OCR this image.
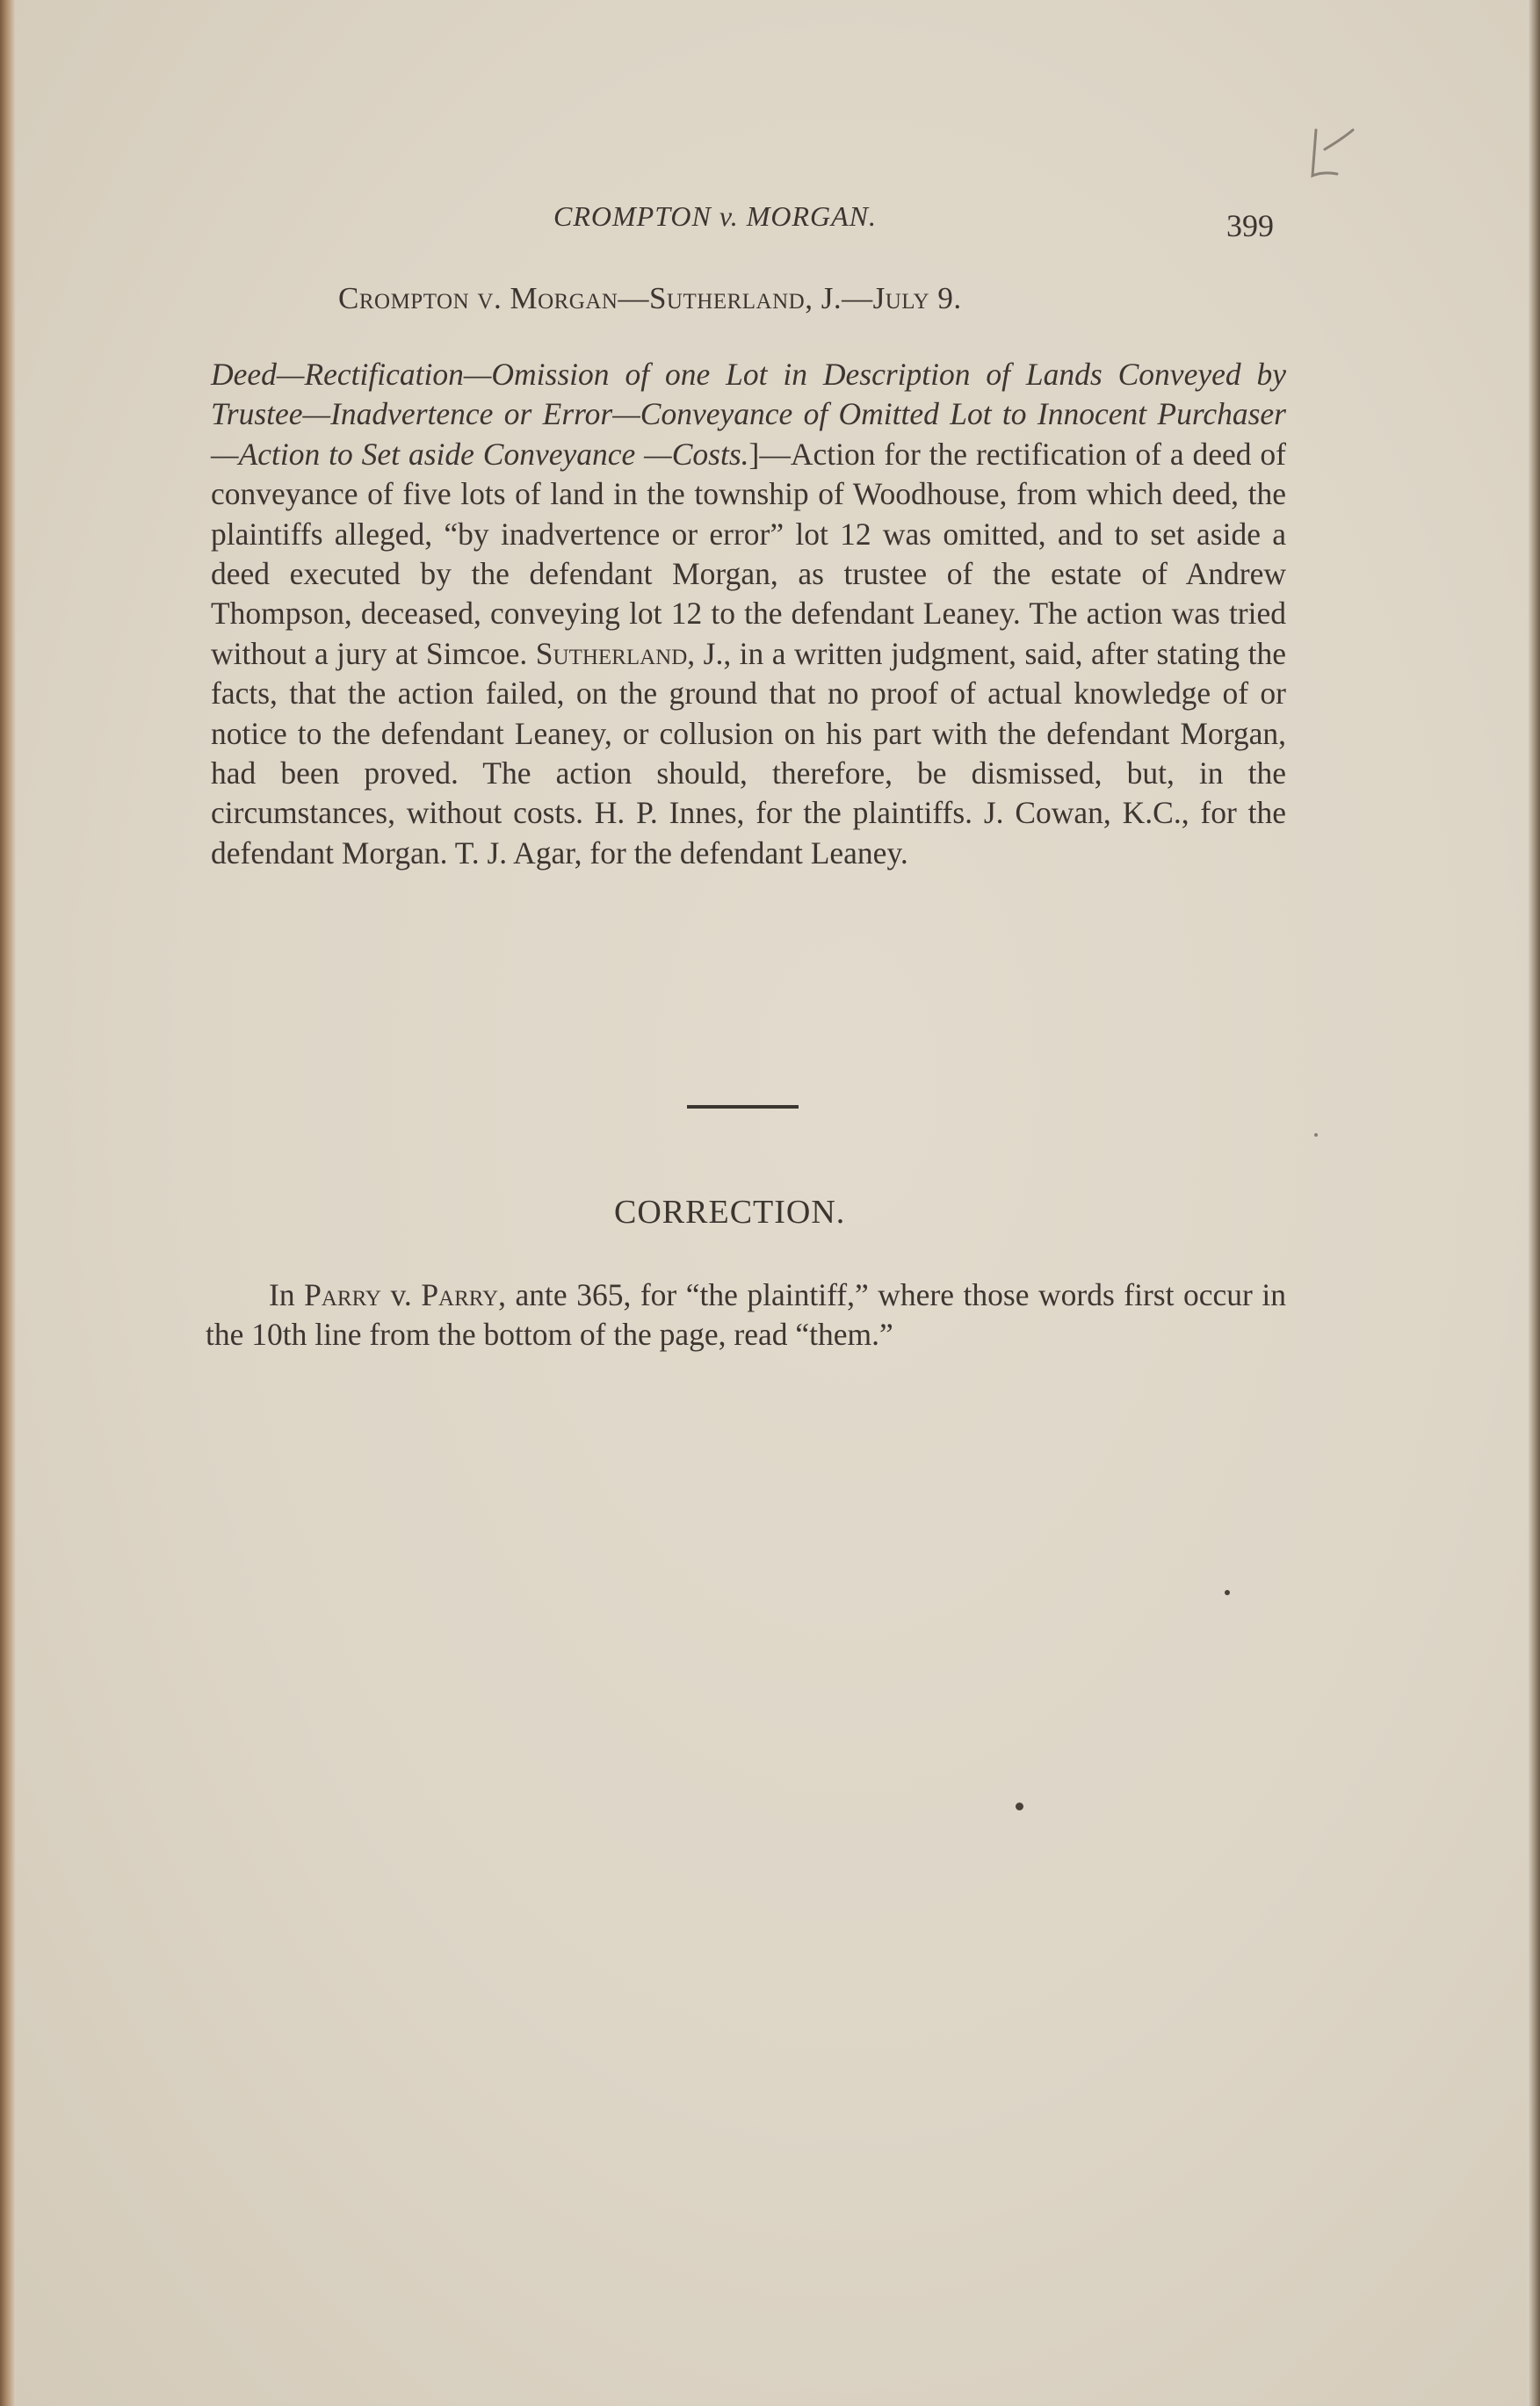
CROMPTON v. MORGAN.	399
Crompton v. Morgan—Sutherland, J.—July 9.
Deed—Rectification—Omission of one Lot in Description of Lands Conveyed by Trustee—Inadvertence or Error—Conveyance of Omitted Lot to Innocent Purchaser—Action to Set aside Conveyance —Costs.]—Action for the rectification of a deed of conveyance of five lots of land in the township of Woodhouse, from which deed, the plaintiffs alleged, “by inadvertence or error” lot 12 was omitted, and to set aside a deed executed by the defendant Morgan, as trustee of the estate of Andrew Thompson, deceased, conveying lot 12 to the defendant Leaney. The action was tried without a jury at Simcoe. Sutherland, J., in a written judgment, said, after stating the facts, that the action failed, on the ground that no proof of actual knowledge of or notice to the defendant Leaney, or collusion on his part with the defendant Morgan, had been proved. The action should, therefore, be dismissed, but, in the circumstances, without costs. H. P. Innes, for the plaintiffs. J. Cowan, K.C., for the defendant Morgan. T. J. Agar, for the defendant Leaney.
CORRECTION.
In Parry v. Parry, ante 365, for “the plaintiff,” where those words first occur in the 10th line from the bottom of the page, read “them.”
